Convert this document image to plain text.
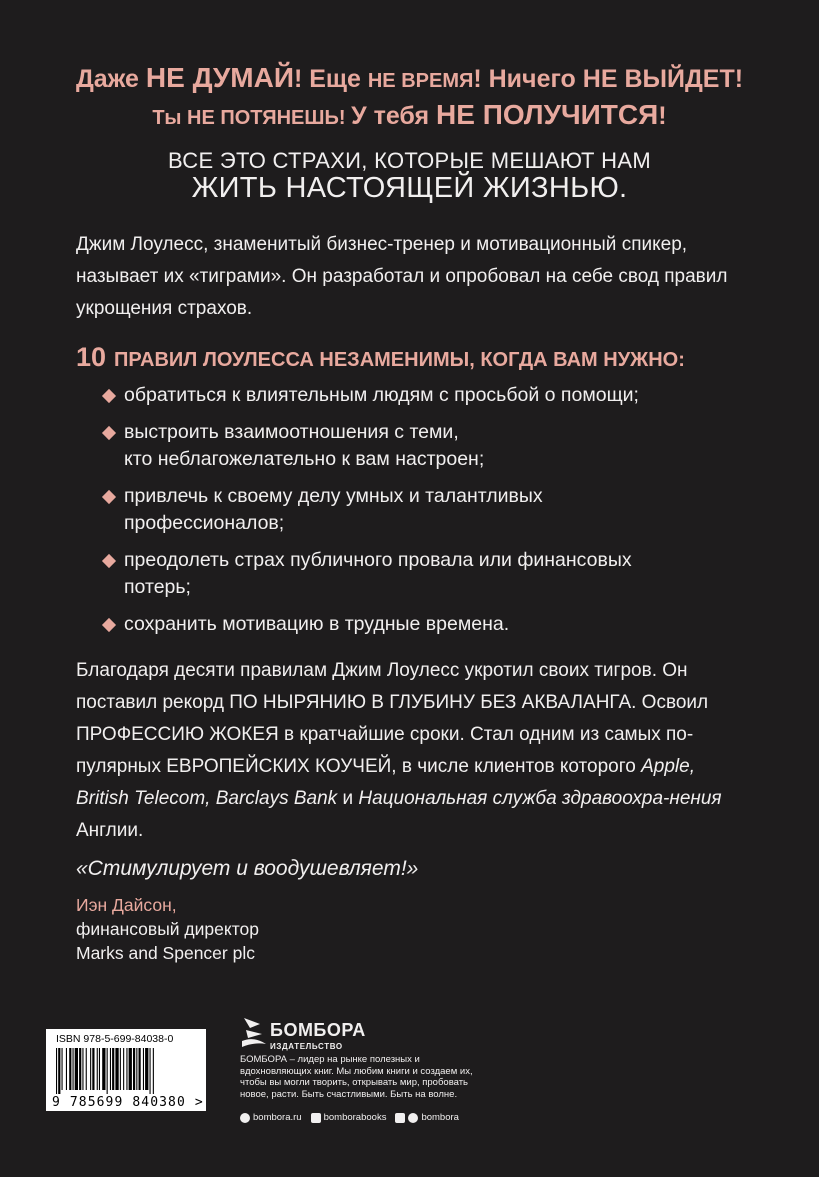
Даже НЕ ДУМАЙ! Еще НЕ ВРЕМЯ! Ничего НЕ ВЫЙДЕТ!
Ты НЕ ПОТЯНЕШЬ! У тебя НЕ ПОЛУЧИТСЯ!
ВСЕ ЭТО СТРАХИ, КОТОРЫЕ МЕШАЮТ НАМ
ЖИТЬ НАСТОЯЩЕЙ ЖИЗНЬЮ.
Джим Лоулесс, знаменитый бизнес-тренер и мотивационный спикер, называет их «тиграми». Он разработал и опробовал на себе свод правил укрощения страхов.
10 ПРАВИЛ ЛОУЛЕССА НЕЗАМЕНИМЫ, КОГДА ВАМ НУЖНО:
обратиться к влиятельным людям с просьбой о помощи;
выстроить взаимоотношения с теми,
кто неблагожелательно к вам настроен;
привлечь к своему делу умных и талантливых
профессионалов;
преодолеть страх публичного провала или финансовых
потерь;
сохранить мотивацию в трудные времена.
Благодаря десяти правилам Джим Лоулесс укротил своих тигров. Он поставил рекорд ПО НЫРЯНИЮ В ГЛУБИНУ БЕЗ АКВАЛАНГА. Освоил ПРОФЕССИЮ ЖОКЕЯ в кратчайшие сроки. Стал одним из самых по-пулярных ЕВРОПЕЙСКИХ КОУЧЕЙ, в числе клиентов которого Apple, British Telecom, Barclays Bank и Национальная служба здравоохра-нения Англии.
«Стимулирует и воодушевляет!»
Иэн Дайсон,
финансовый директор
Marks and Spencer plc
ISBN 978-5-699-84038-0
9 785699 840380 >
БОМБОРА
ИЗДАТЕЛЬСТВО
БОМБОРА – лидер на рынке полезных и вдохновляющих книг. Мы любим книги и создаем их, чтобы вы могли творить, открывать мир, пробовать новое, расти. Быть счастливыми. Быть на волне.
bombora.ru bomborabooks	bombora
